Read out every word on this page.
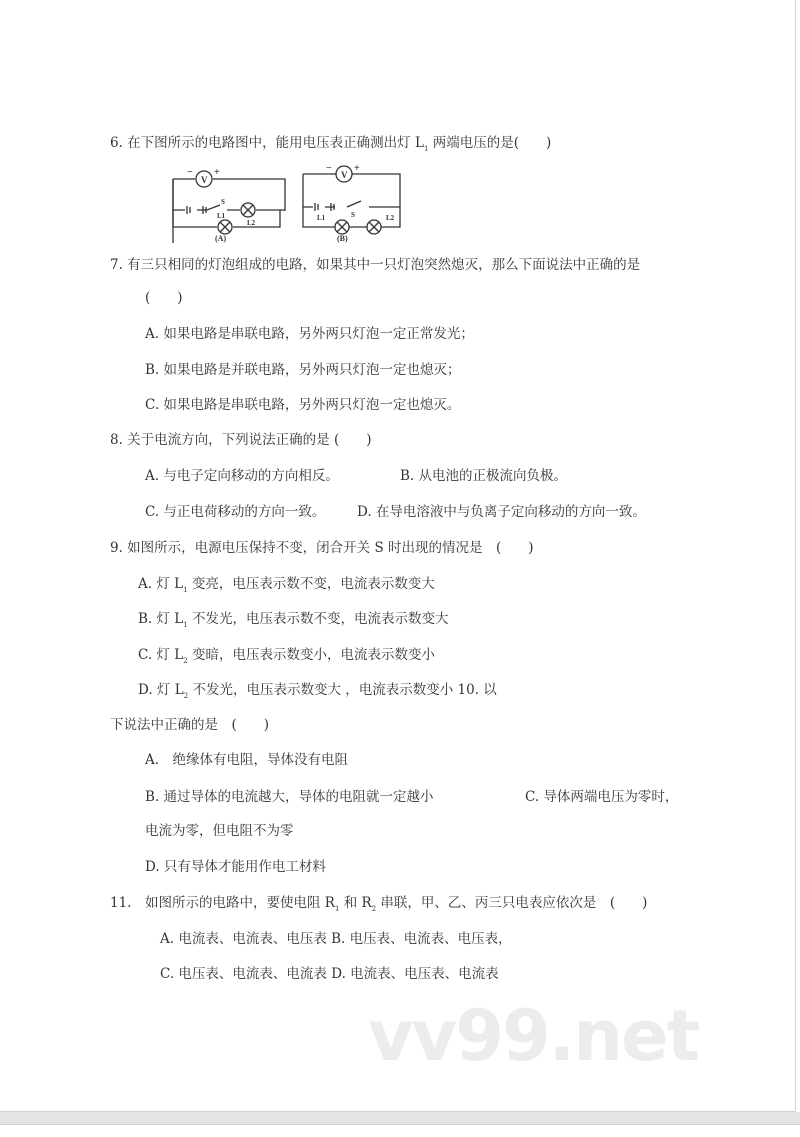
6. 在下图所示的电路图中，能用电压表正确测出灯 $L_1$ 两端电压的是(　　)
V
− +
S
L2
L1
(A)
V
− +
S
L1	L2
(B)
7. 有三只相同的灯泡组成的电路，如果其中一只灯泡突然熄灭，那么下面说法中正确的是
(　　)
A. 如果电路是串联电路，另外两只灯泡一定正常发光；
B. 如果电路是并联电路，另外两只灯泡一定也熄灭；
C. 如果电路是串联电路，另外两只灯泡一定也熄灭。
8. 关于电流方向，下列说法正确的是 (　　)
A. 与电子定向移动的方向相反。	B. 从电池的正极流向负极。
C. 与正电荷移动的方向一致。 D. 在导电溶液中与负离子定向移动的方向一致。
9. 如图所示，电源电压保持不变，闭合开关 S 时出现的情况是　(　　)
A. 灯 $L_1$ 变亮，电压表示数不变，电流表示数变大
B. 灯 $L_1$ 不发光，电压表示数不变，电流表示数变大
C. 灯 $L_2$ 变暗，电压表示数变小，电流表示数变小
D. 灯 $L_2$ 不发光，电压表示数变大 ，电流表示数变小 10. 以
下说法中正确的是　(　　)
A.　绝缘体有电阻，导体没有电阻
B. 通过导体的电流越大，导体的电阻就一定越小	C. 导体两端电压为零时，
电流为零，但电阻不为零
D. 只有导体才能用作电工材料
11.　如图所示的电路中，要使电阻 $R_1$ 和 $R_2$ 串联，甲、乙、丙三只电表应依次是　(　　)
A. 电流表、电流表、电压表 B. 电压表、电流表、电压表，
C. 电压表、电流表、电流表 D. 电流表、电压表、电流表
vv99.net
